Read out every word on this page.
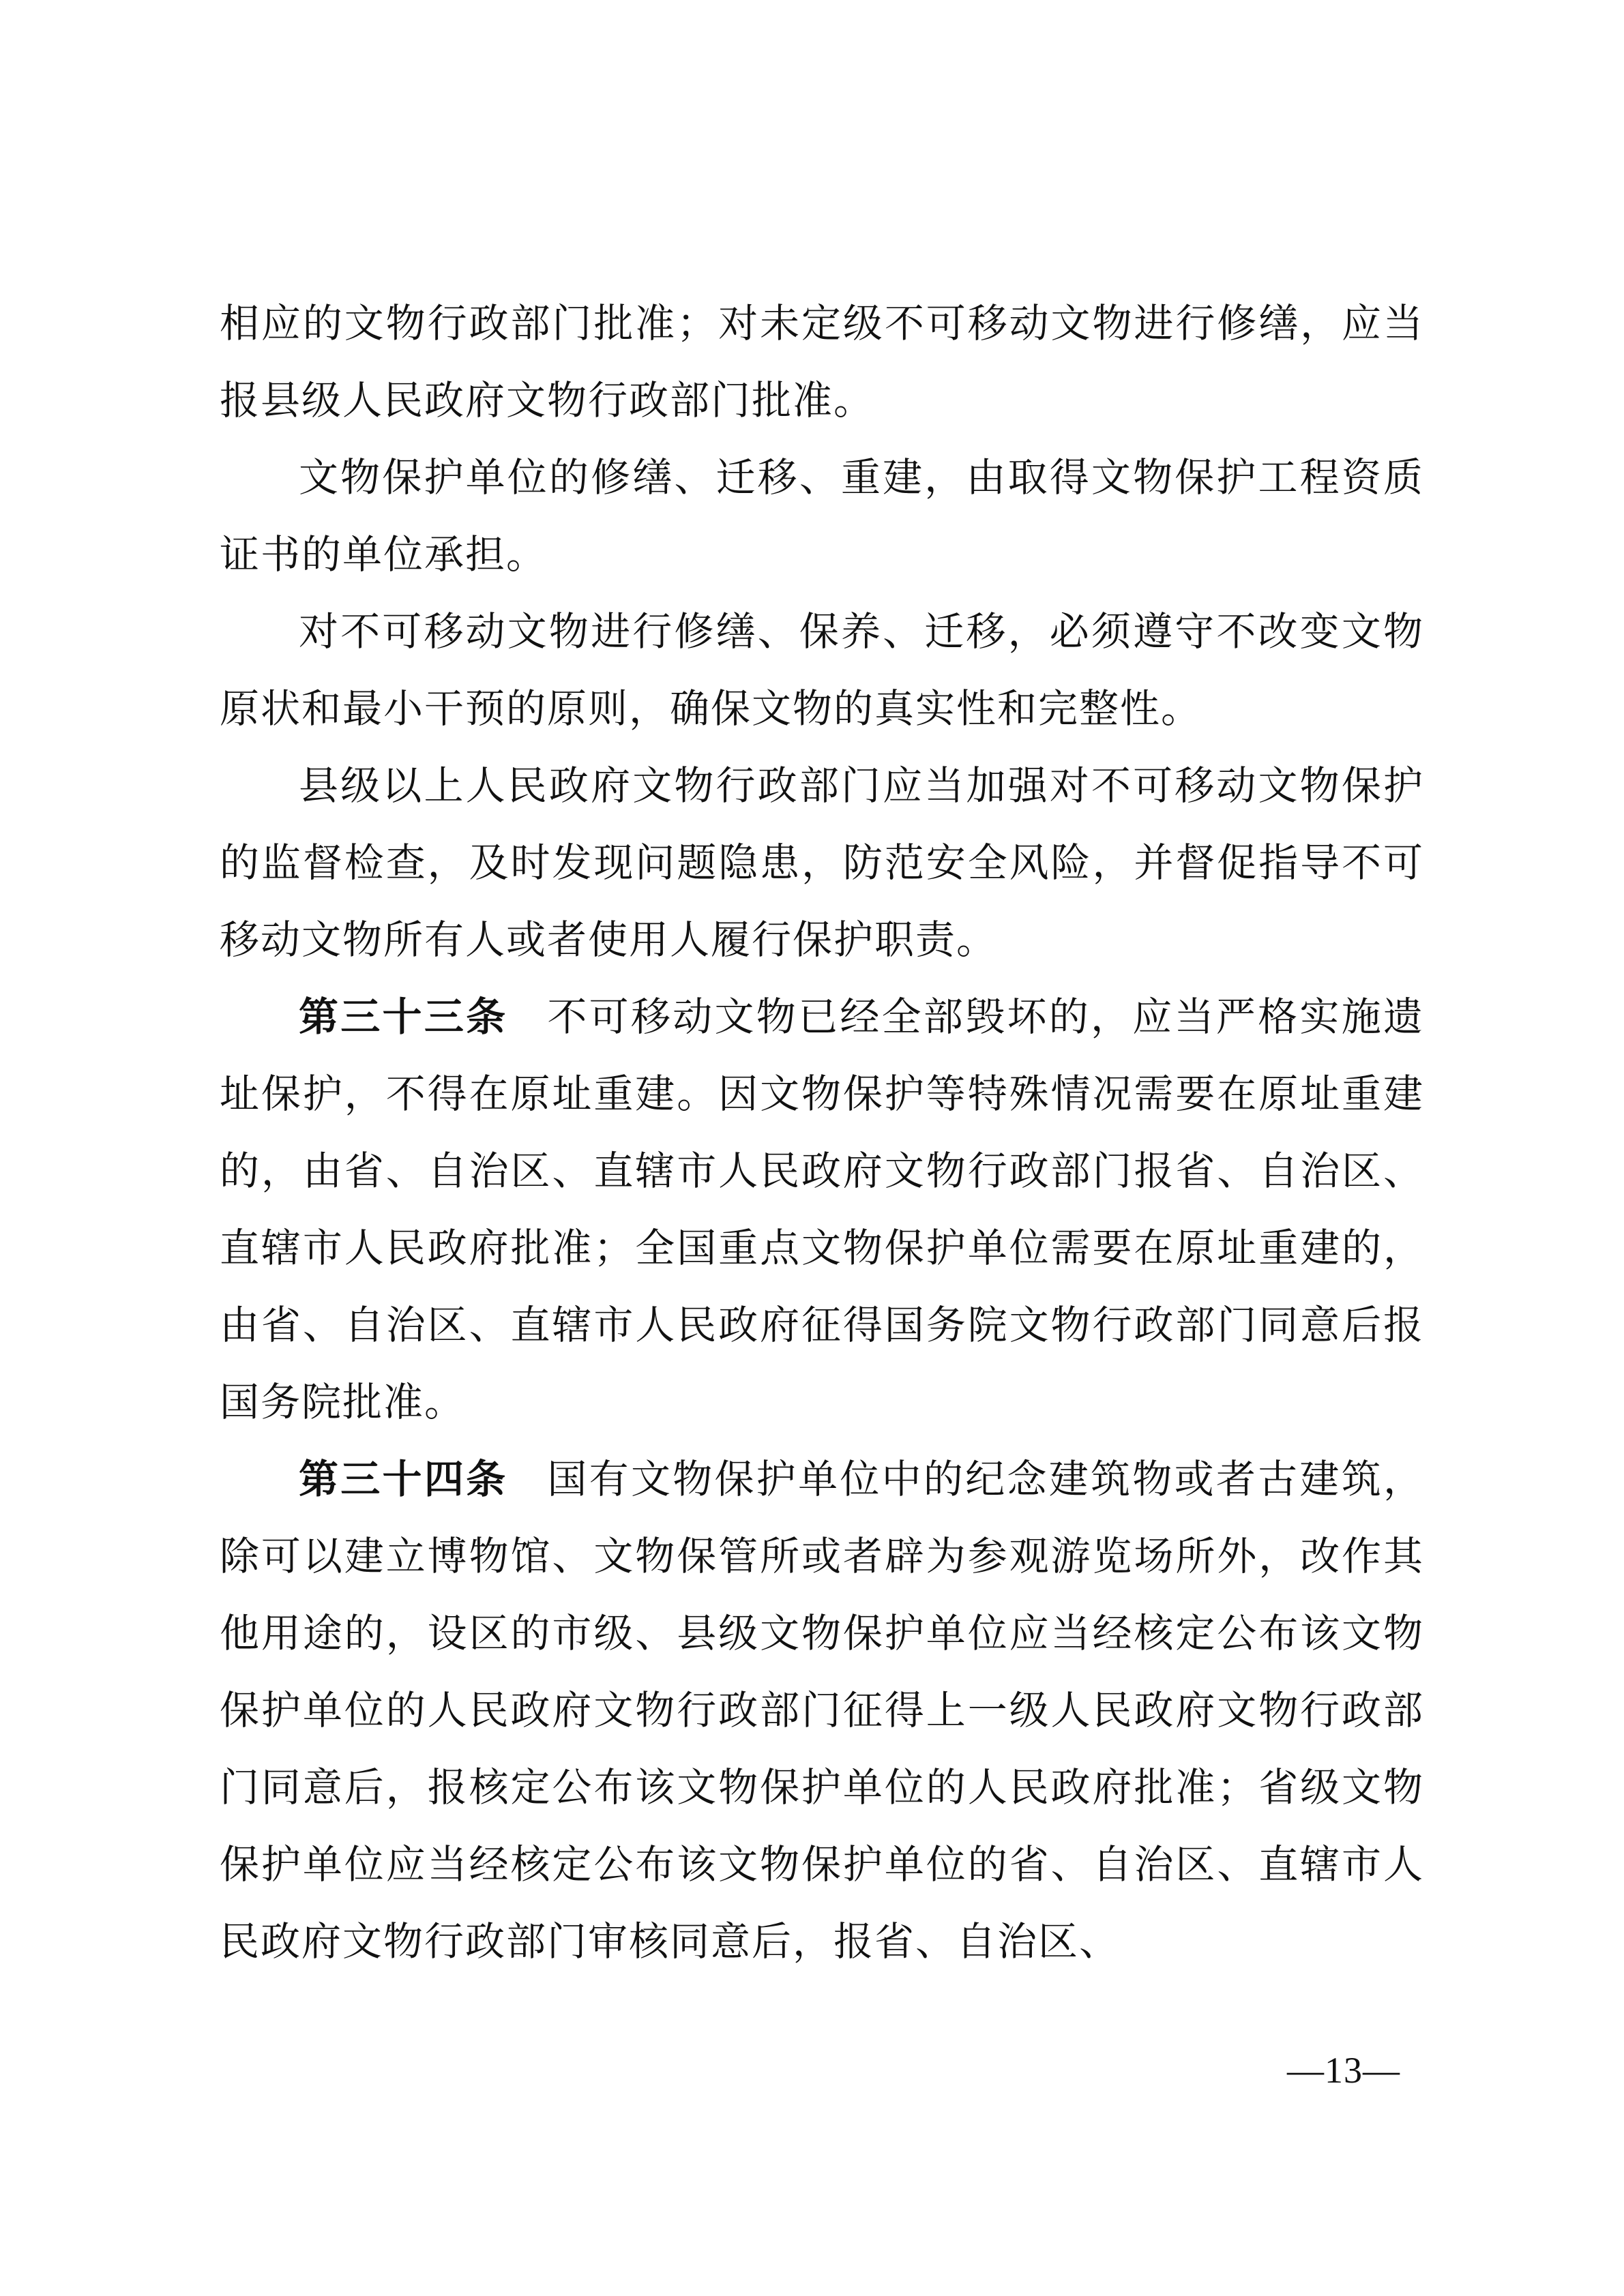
相应的文物行政部门批准；对未定级不可移动文物进行修缮，应当报县级人民政府文物行政部门批准。

文物保护单位的修缮、迁移、重建，由取得文物保护工程资质证书的单位承担。

对不可移动文物进行修缮、保养、迁移，必须遵守不改变文物原状和最小干预的原则，确保文物的真实性和完整性。

县级以上人民政府文物行政部门应当加强对不可移动文物保护的监督检查，及时发现问题隐患，防范安全风险，并督促指导不可移动文物所有人或者使用人履行保护职责。

第三十三条 不可移动文物已经全部毁坏的，应当严格实施遗址保护，不得在原址重建。因文物保护等特殊情况需要在原址重建的，由省、自治区、直辖市人民政府文物行政部门报省、自治区、直辖市人民政府批准；全国重点文物保护单位需要在原址重建的，由省、自治区、直辖市人民政府征得国务院文物行政部门同意后报国务院批准。

第三十四条 国有文物保护单位中的纪念建筑物或者古建筑，除可以建立博物馆、文物保管所或者辟为参观游览场所外，改作其他用途的，设区的市级、县级文物保护单位应当经核定公布该文物保护单位的人民政府文物行政部门征得上一级人民政府文物行政部门同意后，报核定公布该文物保护单位的人民政府批准；省级文物保护单位应当经核定公布该文物保护单位的省、自治区、直辖市人民政府文物行政部门审核同意后，报省、自治区、

—13—
